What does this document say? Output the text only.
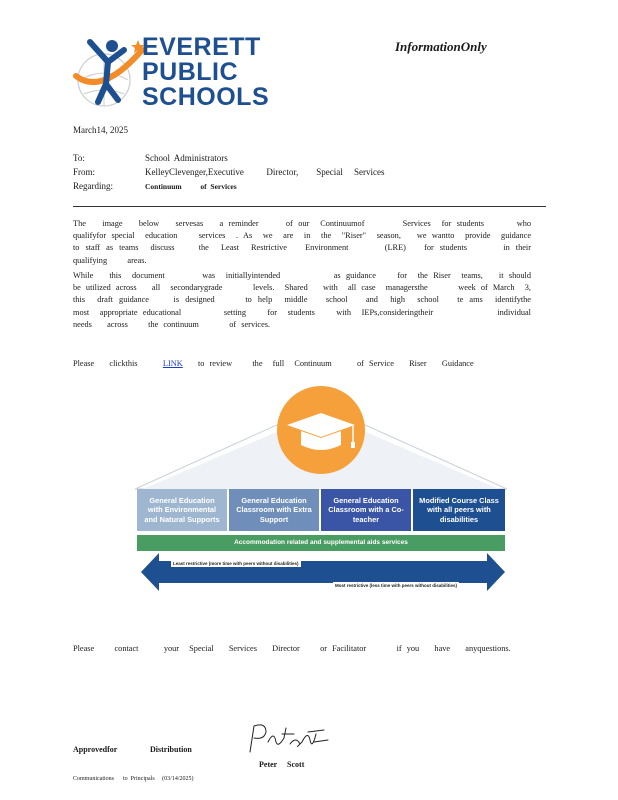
EVERETT
PUBLIC
SCHOOLS
InformationOnly
March14, 2025
To:	School Administrators
From:	KelleyClevenger,Executive          Director,        Special     Services
Regarding:	Continuum          of  Services
The   image   below   servesas   a reminder     of our  Continuumof       Services  for students      who  qualifyfor special  education    services  . As  we  are  in  the  "Riser"  season,   we wantto  provide  guidance  to staff as teams  discuss    the  Least  Restrictive   Environment      (LRE)   for students      in their  qualifying    areas.
While   this  document       was  initiallyintended          as guidance    for  the Riser  teams,   it should    be utilized across   all  secondarygrade      levels.  Shared   with  all case  managersthe      week of March  3,  this  draft guidance    is designed     to help  middle   school   and  high  school   te ams  identifythe      most  appropriate educational        setting    for  students    with  IEPs,consideringtheir            individual     needs   across    the continuum      of services.
Please   clickthis	LINK to review    the  full  Continuum     of Service   Riser   Guidance
General Education with Environmental and Natural Supports
General Education Classroom with Extra Support
General Education Classroom with a Co-teacher
Modified Course Class with all peers with disabilities
Accommodation related and supplemental aids services
Least restrictive (more time with peers without disabilities)
Most restrictive (less time with peers without disabilities)
Please    contact     your  Special   Services   Director    or Facilitator      if you   have   anyquestions.
Approvedfor	Distribution
Peter     Scott
Communications      to  Principals     (03/14/2025)
